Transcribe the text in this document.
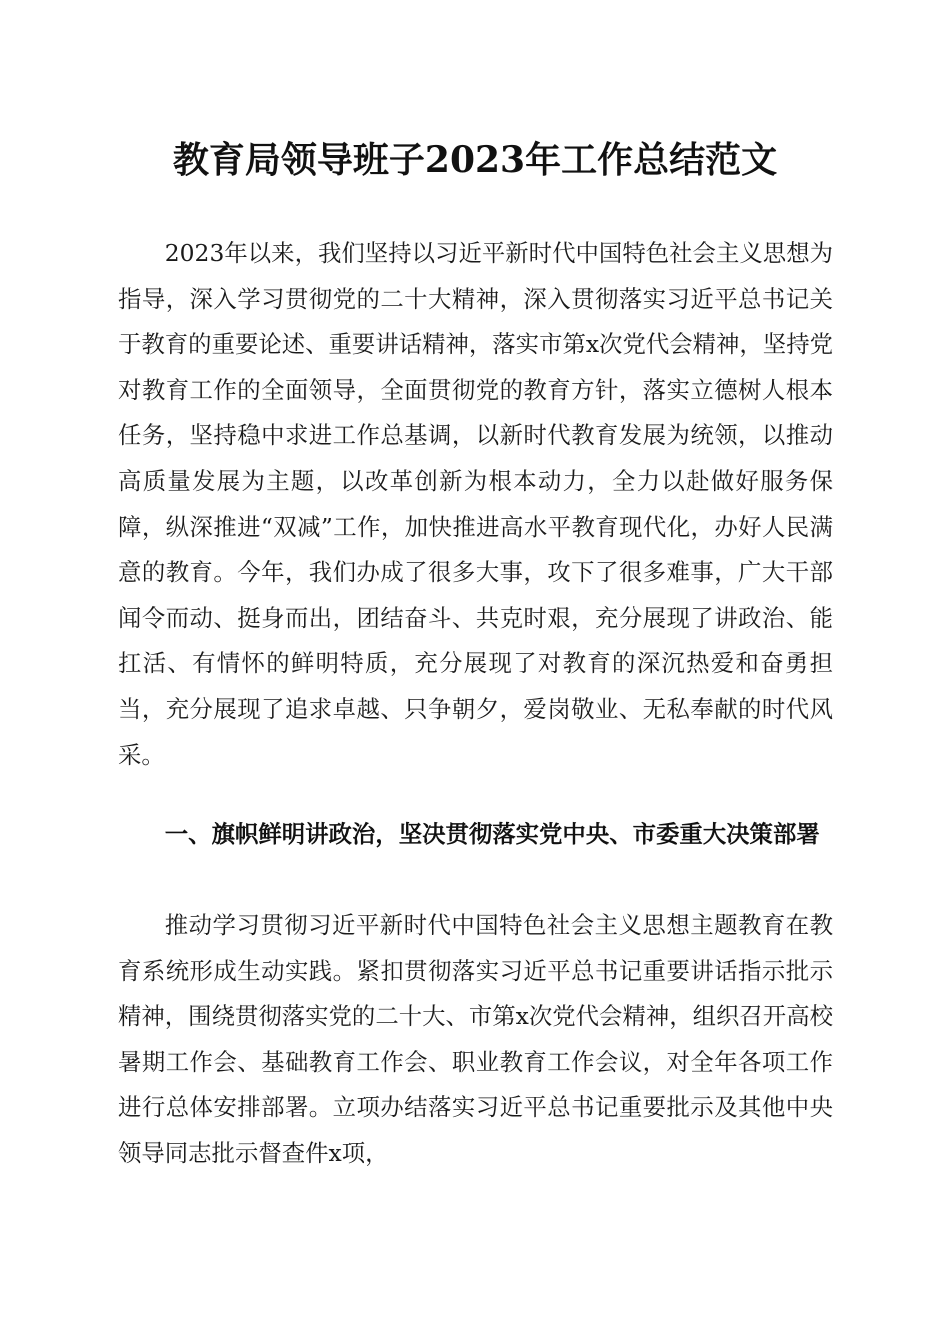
教育局领导班子2023年工作总结范文

2023年以来，我们坚持以习近平新时代中国特色社会主义思想为指导，深入学习贯彻党的二十大精神，深入贯彻落实习近平总书记关于教育的重要论述、重要讲话精神，落实市第x次党代会精神，坚持党对教育工作的全面领导，全面贯彻党的教育方针，落实立德树人根本任务，坚持稳中求进工作总基调，以新时代教育发展为统领，以推动高质量发展为主题，以改革创新为根本动力，全力以赴做好服务保障，纵深推进“双减”工作，加快推进高水平教育现代化，办好人民满意的教育。今年，我们办成了很多大事，攻下了很多难事，广大干部闻令而动、挺身而出，团结奋斗、共克时艰，充分展现了讲政治、能扛活、有情怀的鲜明特质，充分展现了对教育的深沉热爱和奋勇担当，充分展现了追求卓越、只争朝夕，爱岗敬业、无私奉献的时代风采。

一、旗帜鲜明讲政治，坚决贯彻落实党中央、市委重大决策部署

推动学习贯彻习近平新时代中国特色社会主义思想主题教育在教育系统形成生动实践。紧扣贯彻落实习近平总书记重要讲话指示批示精神，围绕贯彻落实党的二十大、市第x次党代会精神，组织召开高校暑期工作会、基础教育工作会、职业教育工作会议，对全年各项工作进行总体安排部署。立项办结落实习近平总书记重要批示及其他中央领导同志批示督查件x项，
